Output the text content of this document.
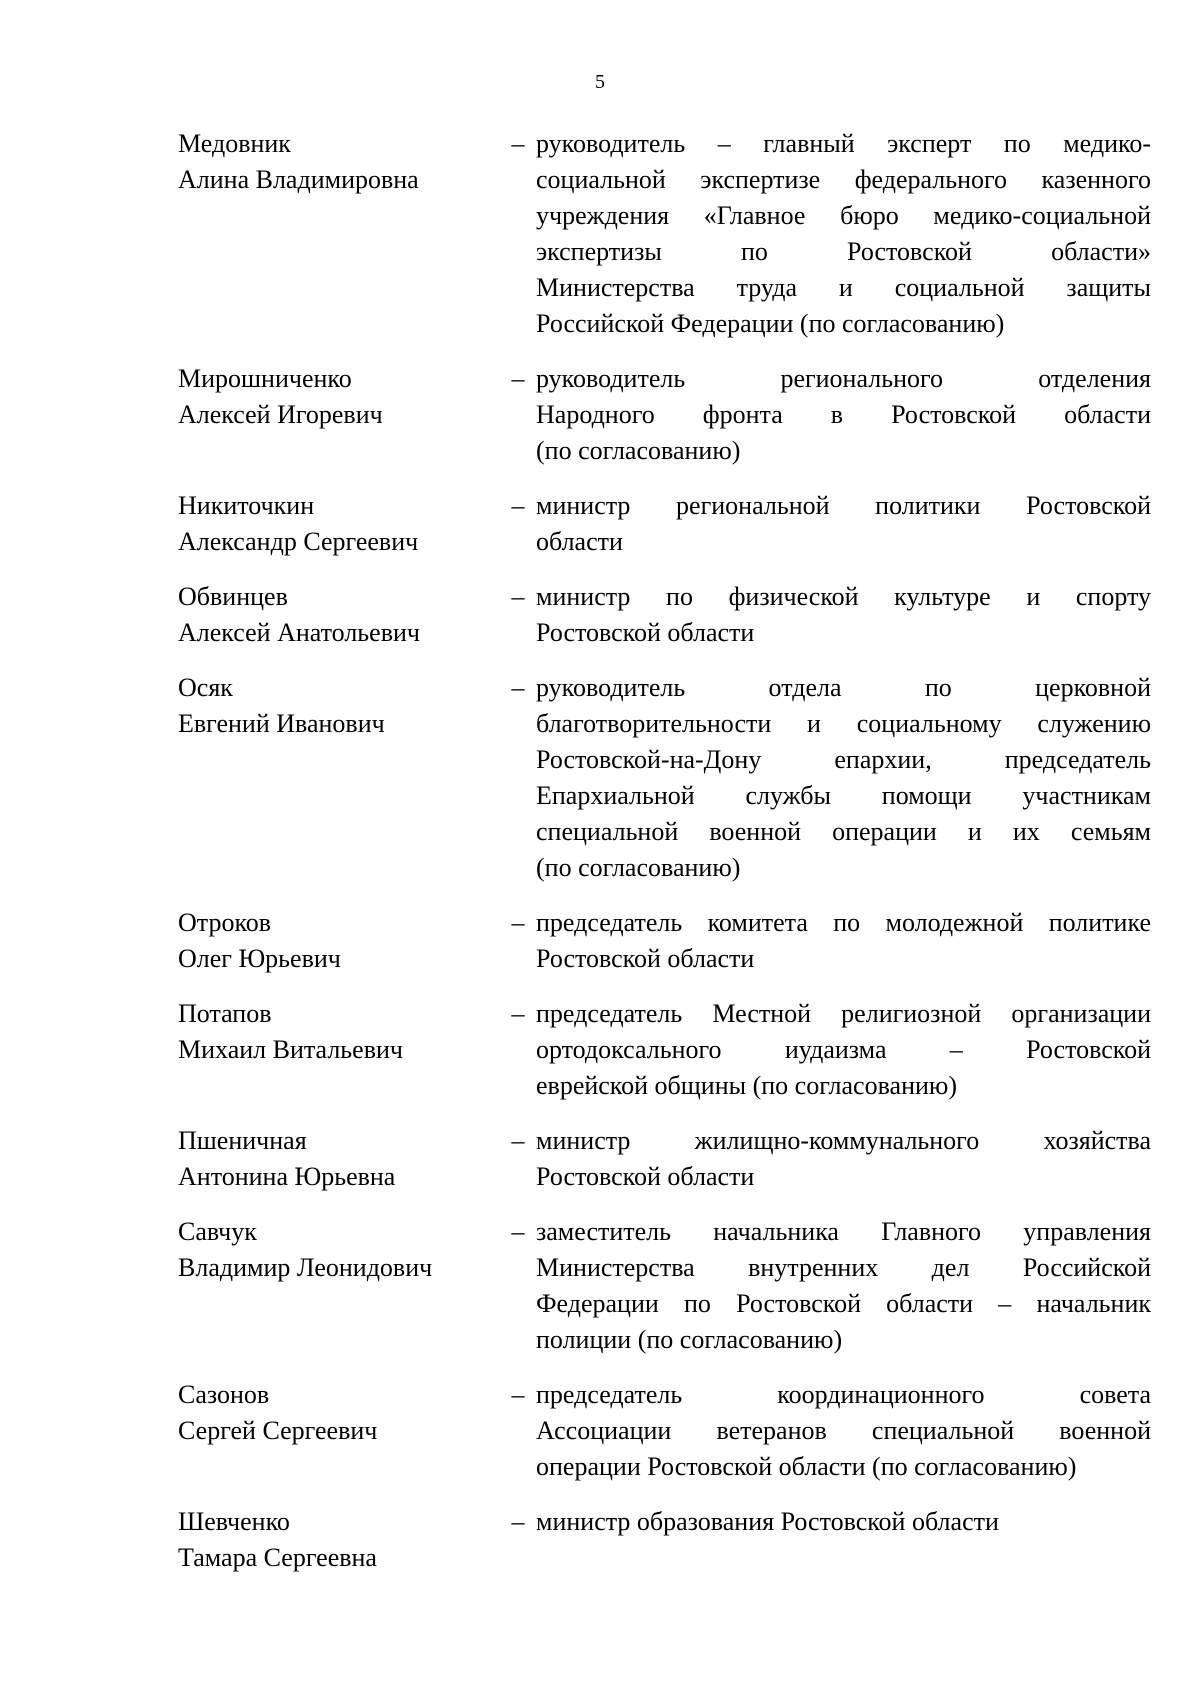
5
Медовник
Алина Владимировна
– руководитель – главный эксперт по медико-
социальной экспертизе федерального казенного
учреждения «Главное бюро медико-социальной
экспертизы по Ростовской области»
Министерства труда и социальной защиты
Российской Федерации (по согласованию)
Мирошниченко
Алексей Игоревич
– руководитель регионального отделения
Народного фронта в Ростовской области
(по согласованию)
Никиточкин
Александр Сергеевич
– министр региональной политики Ростовской
области
Обвинцев
Алексей Анатольевич
– министр по физической культуре и спорту
Ростовской области
Осяк
Евгений Иванович
– руководитель отдела по церковной
благотворительности и социальному служению
Ростовской-на-Дону епархии, председатель
Епархиальной службы помощи участникам
специальной военной операции и их семьям
(по согласованию)
Отроков
Олег Юрьевич
– председатель комитета по молодежной политике
Ростовской области
Потапов
Михаил Витальевич
– председатель Местной религиозной организации
ортодоксального иудаизма – Ростовской
еврейской общины (по согласованию)
Пшеничная
Антонина Юрьевна
– министр жилищно-коммунального хозяйства
Ростовской области
Савчук
Владимир Леонидович
– заместитель начальника Главного управления
Министерства внутренних дел Российской
Федерации по Ростовской области – начальник
полиции (по согласованию)
Сазонов
Сергей Сергеевич
– председатель координационного совета
Ассоциации ветеранов специальной военной
операции Ростовской области (по согласованию)
Шевченко
Тамара Сергеевна
– министр образования Ростовской области
